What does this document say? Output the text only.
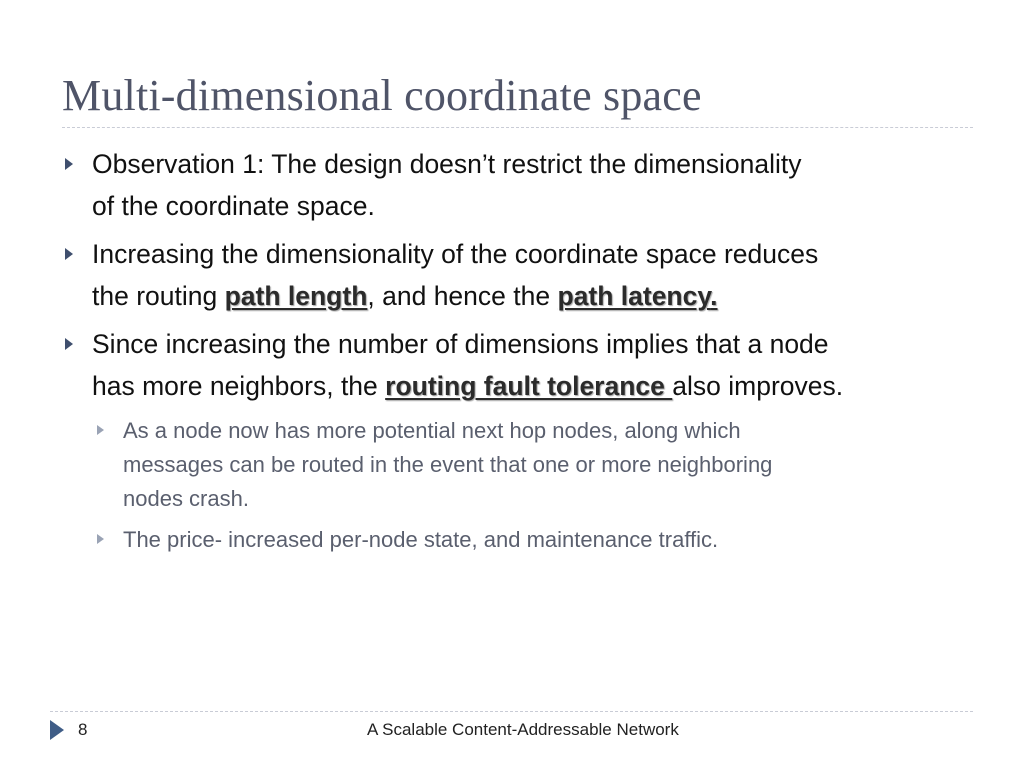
Multi-dimensional coordinate space

Observation 1: The design doesn’t restrict the dimensionality
of the coordinate space.

Increasing the dimensionality of the coordinate space reduces
the routing path length, and hence the path latency.

Since increasing the number of dimensions implies that a node
has more neighbors, the routing fault tolerance also improves.

As a node now has more potential next hop nodes, along which
messages can be routed in the event that one or more neighboring
nodes crash.

The price- increased per-node state, and maintenance traffic.

8	A Scalable Content-Addressable Network
